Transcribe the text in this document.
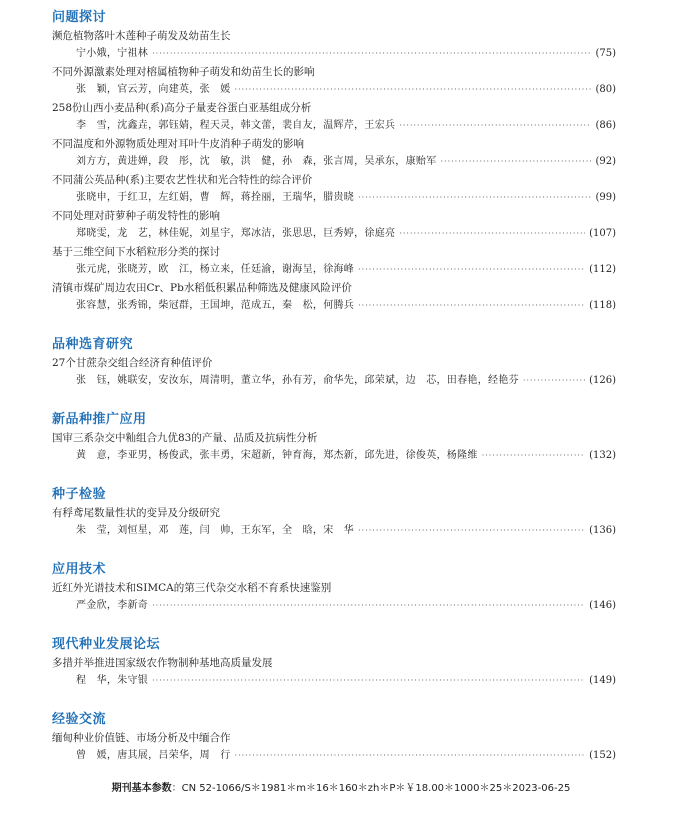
问题探讨
濒危植物落叶木莲种子萌发及幼苗生长
宁小娥，宁祖林 ·····	(75)
不同外源激素处理对榕属植物种子萌发和幼苗生长的影响
张　颖，官云芳，向建英，张　媛 ·····	(80)
258份山西小麦品种(系)高分子量麦谷蛋白亚基组成分析
李　雪，沈鑫垚，郭钰婧，程天灵，韩文蕾，裴自友，温辉芹，王宏兵 ·····	(86)
不同温度和外源物质处理对耳叶牛皮消种子萌发的影响
刘方方，黄进婵，段　彤，沈　敏，洪　健，孙　森，张言周，吴承东，康贻军 ·····	(92)
不同蒲公英品种(系)主要农艺性状和光合特性的综合评价
张晓申，于红卫，左红娟，曹　辉，蒋拴丽，王瑞华，腊贵晓 ·····	(99)
不同处理对莳萝种子萌发特性的影响
郑晓雯，龙　艺，林佳妮，刘星宇，郑冰洁，张思思，巨秀婷，徐庭亮 ·····	(107)
基于三维空间下水稻粒形分类的探讨
张元虎，张晓芳，欧　江，杨立来，任廷渝，谢海呈，徐海峰 ·····	(112)
清镇市煤矿周边农田Cr、Pb水稻低积累品种筛选及健康风险评价
张容慧，张秀锦，柴冠群，王国坤，范成五，秦　松，何腾兵 ·····	(118)
品种选育研究
27个甘蔗杂交组合经济育种值评价
张　钰，姚联安，安汝东，周清明，董立华，孙有芳，俞华先，邱荣斌，边　芯，田春艳，经艳芬 ·····	(126)
新品种推广应用
国审三系杂交中籼组合九优83的产量、品质及抗病性分析
黄　意，李亚男，杨俊武，张丰勇，宋超新，钟育海，郑杰新，邱先进，徐俊英，杨隆维 ·····	(132)
种子检验
有稃鸢尾数量性状的变异及分级研究
朱　莹，刘恒星，邓　莲，闫　帅，王东军，全　晗，宋　华 ·····	(136)
应用技术
近红外光谱技术和SIMCA的第三代杂交水稻不育系快速鉴别
严金欣，李新奇 ·····	(146)
现代种业发展论坛
多措并举推进国家级农作物制种基地高质量发展
程　华，朱守银 ·····	(149)
经验交流
缅甸种业价值链、市场分析及中缅合作
曾　媛，唐其展，吕荣华，周　行 ·····	(152)
期刊基本参数：CN 52-1066/S＊1981＊m＊16＊160＊zh＊P＊￥18.00＊1000＊25＊2023-06-25
